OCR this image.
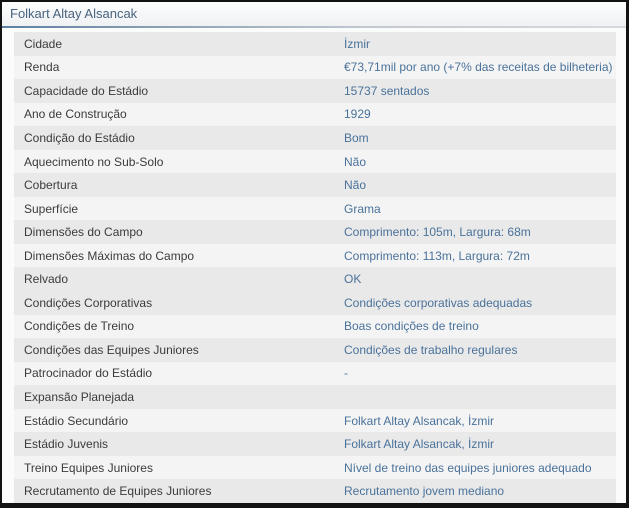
Folkart Altay Alsancak
Cidade	İzmir
Renda	€73,71mil por ano (+7% das receitas de bilheteria)
Capacidade do Estádio	15737 sentados
Ano de Construção	1929
Condição do Estádio	Bom
Aquecimento no Sub-Solo	Não
Cobertura	Não
Superfície	Grama
Dimensões do Campo	Comprimento: 105m, Largura: 68m
Dimensões Máximas do Campo	Comprimento: 113m, Largura: 72m
Relvado	OK
Condições Corporativas	Condições corporativas adequadas
Condições de Treino	Boas condições de treino
Condições das Equipes Juniores	Condições de trabalho regulares
Patrocinador do Estádio	-
Expansão Planejada
Estádio Secundário	Folkart Altay Alsancak, İzmir
Estádio Juvenis	Folkart Altay Alsancak, İzmir
Treino Equipes Juniores	Nível de treino das equipes juniores adequado
Recrutamento de Equipes Juniores	Recrutamento jovem mediano
